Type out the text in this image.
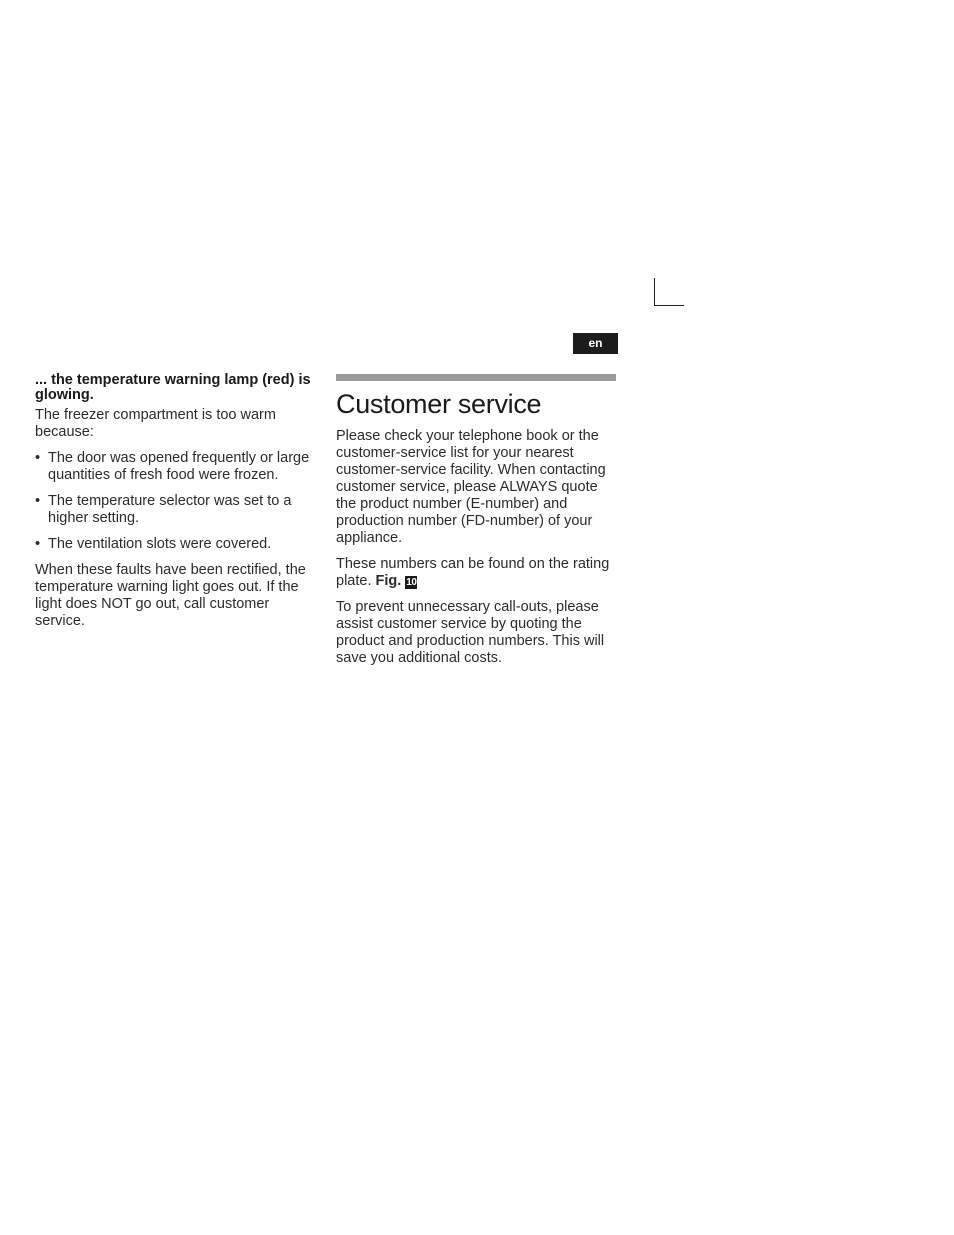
en

... the temperature warning lamp (red) is glowing.

The freezer compartment is too warm because:

• The door was opened frequently or large quantities of fresh food were frozen.
• The temperature selector was set to a higher setting.
• The ventilation slots were covered.

When these faults have been rectified, the temperature warning light goes out. If the light does NOT go out, call customer service.

Customer service

Please check your telephone book or the customer-service list for your nearest customer-service facility. When contacting customer service, please ALWAYS quote the product number (E-number) and production number (FD-number) of your appliance.

These numbers can be found on the rating plate. Fig. 10

To prevent unnecessary call-outs, please assist customer service by quoting the product and production numbers. This will save you additional costs.
